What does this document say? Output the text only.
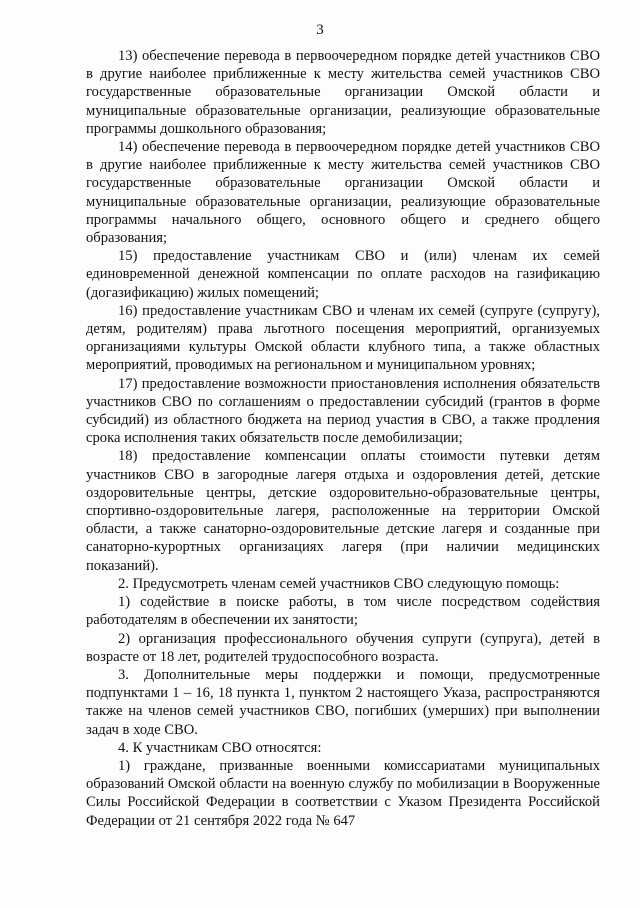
3

13) обеспечение перевода в первоочередном порядке детей участников СВО в другие наиболее приближенные к месту жительства семей участников СВО государственные образовательные организации Омской области и муниципальные образовательные организации, реализующие образовательные программы дошкольного образования;

14) обеспечение перевода в первоочередном порядке детей участников СВО в другие наиболее приближенные к месту жительства семей участников СВО государственные образовательные организации Омской области и муниципальные образовательные организации, реализующие образовательные программы начального общего, основного общего и среднего общего образования;

15) предоставление участникам СВО и (или) членам их семей единовременной денежной компенсации по оплате расходов на газификацию (догазификацию) жилых помещений;

16) предоставление участникам СВО и членам их семей (супругe (супругу), детям, родителям) права льготного посещения мероприятий, организуемых организациями культуры Омской области клубного типа, а также областных мероприятий, проводимых на региональном и муниципальном уровнях;

17) предоставление возможности приостановления исполнения обязательств участников СВО по соглашениям о предоставлении субсидий (грантов в форме субсидий) из областного бюджета на период участия в СВО, а также продления срока исполнения таких обязательств после демобилизации;

18) предоставление компенсации оплаты стоимости путевки детям участников СВО в загородные лагеря отдыха и оздоровления детей, детские оздоровительные центры, детские оздоровительно-образовательные центры, спортивно-оздоровительные лагеря, расположенные на территории Омской области, а также санаторно-оздоровительные детские лагеря и созданные при санаторно-курортных организациях лагеря (при наличии медицинских показаний).

2. Предусмотреть членам семей участников СВО следующую помощь:

1) содействие в поиске работы, в том числе посредством содействия работодателям в обеспечении их занятости;

2) организация профессионального обучения супруги (супруга), детей в возрасте от 18 лет, родителей трудоспособного возраста.

3. Дополнительные меры поддержки и помощи, предусмотренные подпунктами 1 – 16, 18 пункта 1, пунктом 2 настоящего Указа, распространяются также на членов семей участников СВО, погибших (умерших) при выполнении задач в ходе СВО.

4. К участникам СВО относятся:

1) граждане, призванные военными комиссариатами муниципальных образований Омской области на военную службу по мобилизации в Вооруженные Силы Российской Федерации в соответствии с Указом Президента Российской Федерации от 21 сентября 2022 года № 647
